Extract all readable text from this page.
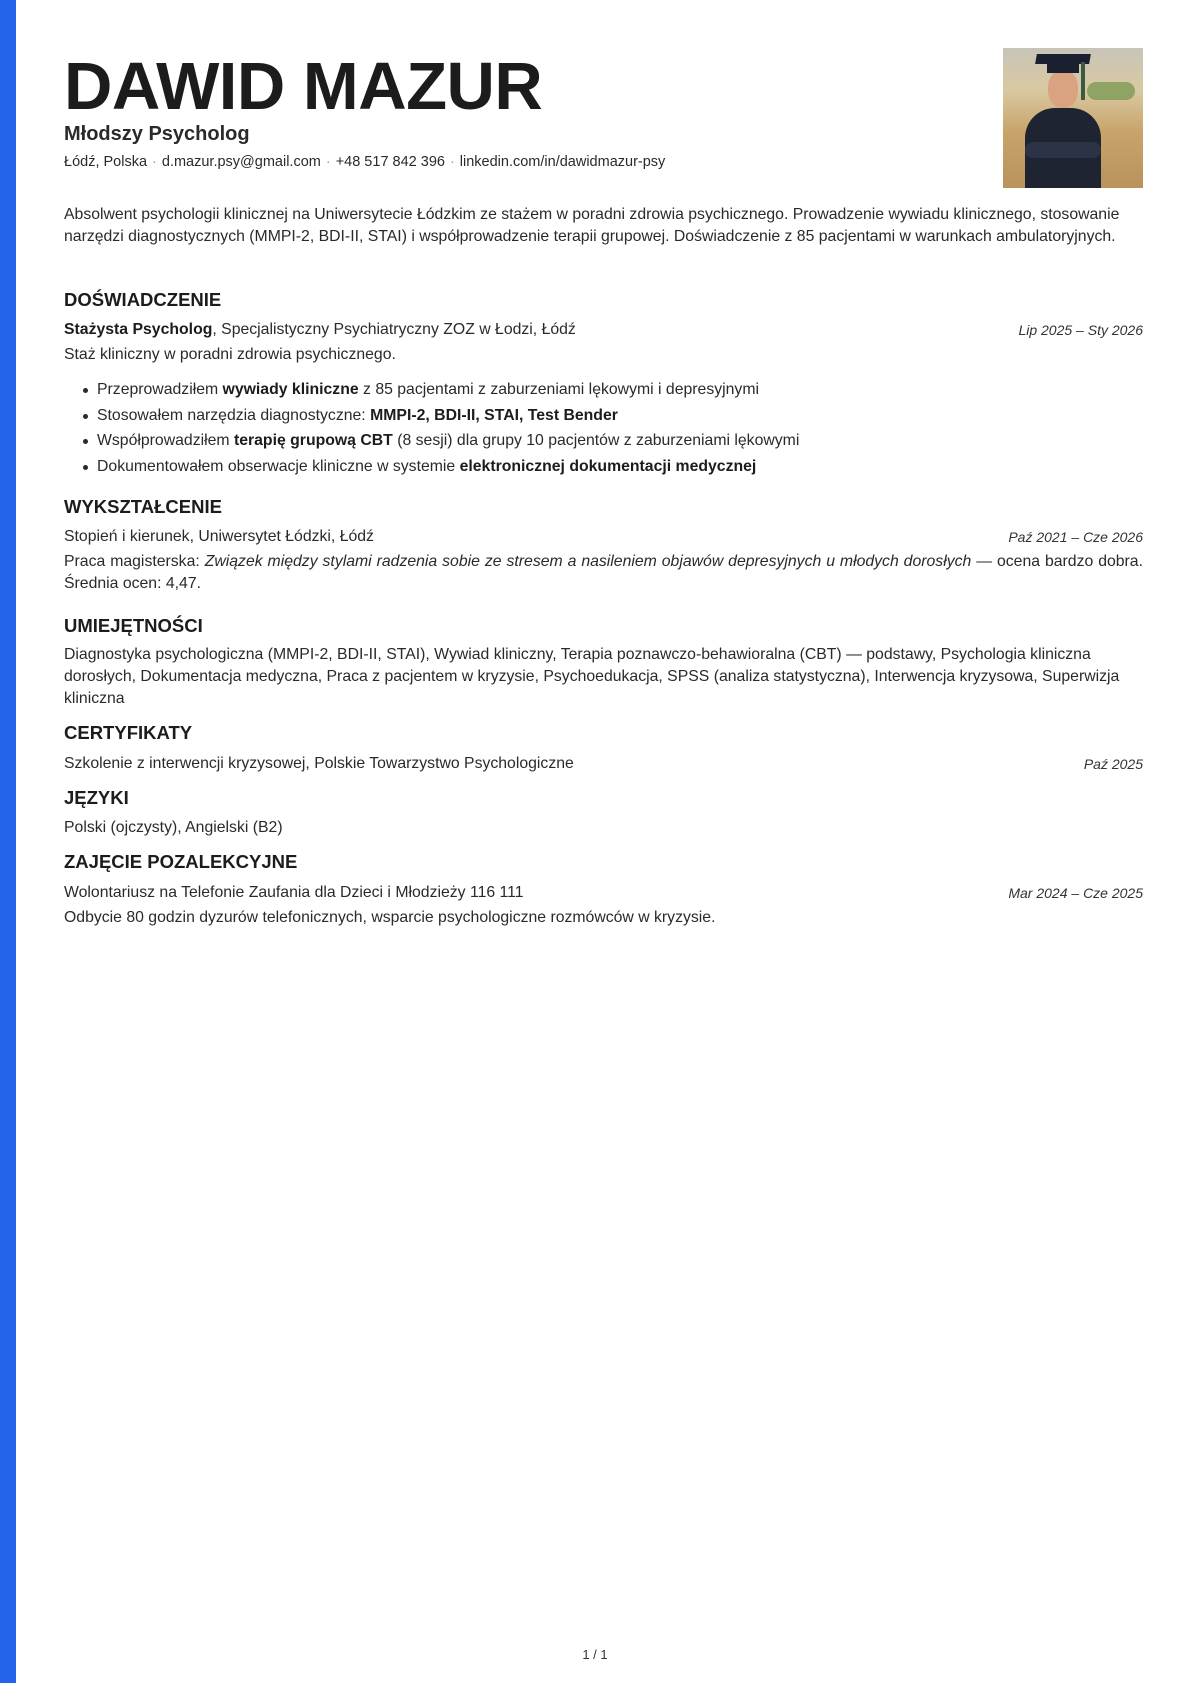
DAWID MAZUR
Młodszy Psycholog
Łódź, Polska · d.mazur.psy@gmail.com · +48 517 842 396 · linkedin.com/in/dawidmazur-psy

Absolwent psychologii klinicznej na Uniwersytecie Łódzkim ze stażem w poradni zdrowia psychicznego. Prowadzenie wywiadu klinicznego, stosowanie narzędzi diagnostycznych (MMPI-2, BDI-II, STAI) i współprowadzenie terapii grupowej. Doświadczenie z 85 pacjentami w warunkach ambulatoryjnych.

DOŚWIADCZENIE
Stażysta Psycholog, Specjalistyczny Psychiatryczny ZOZ w Łodzi, Łódź	Lip 2025 – Sty 2026
Staż kliniczny w poradni zdrowia psychicznego.
Przeprowadziłem wywiady kliniczne z 85 pacjentami z zaburzeniami lękowymi i depresyjnymi
Stosowałem narzędzia diagnostyczne: MMPI-2, BDI-II, STAI, Test Bender
Współprowadziłem terapię grupową CBT (8 sesji) dla grupy 10 pacjentów z zaburzeniami lękowymi
Dokumentowałem obserwacje kliniczne w systemie elektronicznej dokumentacji medycznej
WYKSZTAŁCENIE
Stopień i kierunek, Uniwersytet Łódzki, Łódź	Paź 2021 – Cze 2026

Praca magisterska: Związek między stylami radzenia sobie ze stresem a nasileniem objawów depresyjnych u młodych dorosłych — ocena bardzo dobra. Średnia ocen: 4,47.

UMIEJĘTNOŚCI

Diagnostyka psychologiczna (MMPI-2, BDI-II, STAI), Wywiad kliniczny, Terapia poznawczo-behawioralna (CBT) — podstawy, Psychologia kliniczna dorosłych, Dokumentacja medyczna, Praca z pacjentem w kryzysie, Psychoedukacja, SPSS (analiza statystyczna), Interwencja kryzysowa, Superwizja kliniczna

CERTYFIKATY
Szkolenie z interwencji kryzysowej, Polskie Towarzystwo Psychologiczne	Paź 2025
JĘZYKI
Polski (ojczysty), Angielski (B2)
ZAJĘCIE POZALEKCYJNE
Wolontariusz na Telefonie Zaufania dla Dzieci i Młodzieży 116 111	Mar 2024 – Cze 2025
Odbycie 80 godzin dyzurów telefonicznych, wsparcie psychologiczne rozmówców w kryzysie.
1 / 1
